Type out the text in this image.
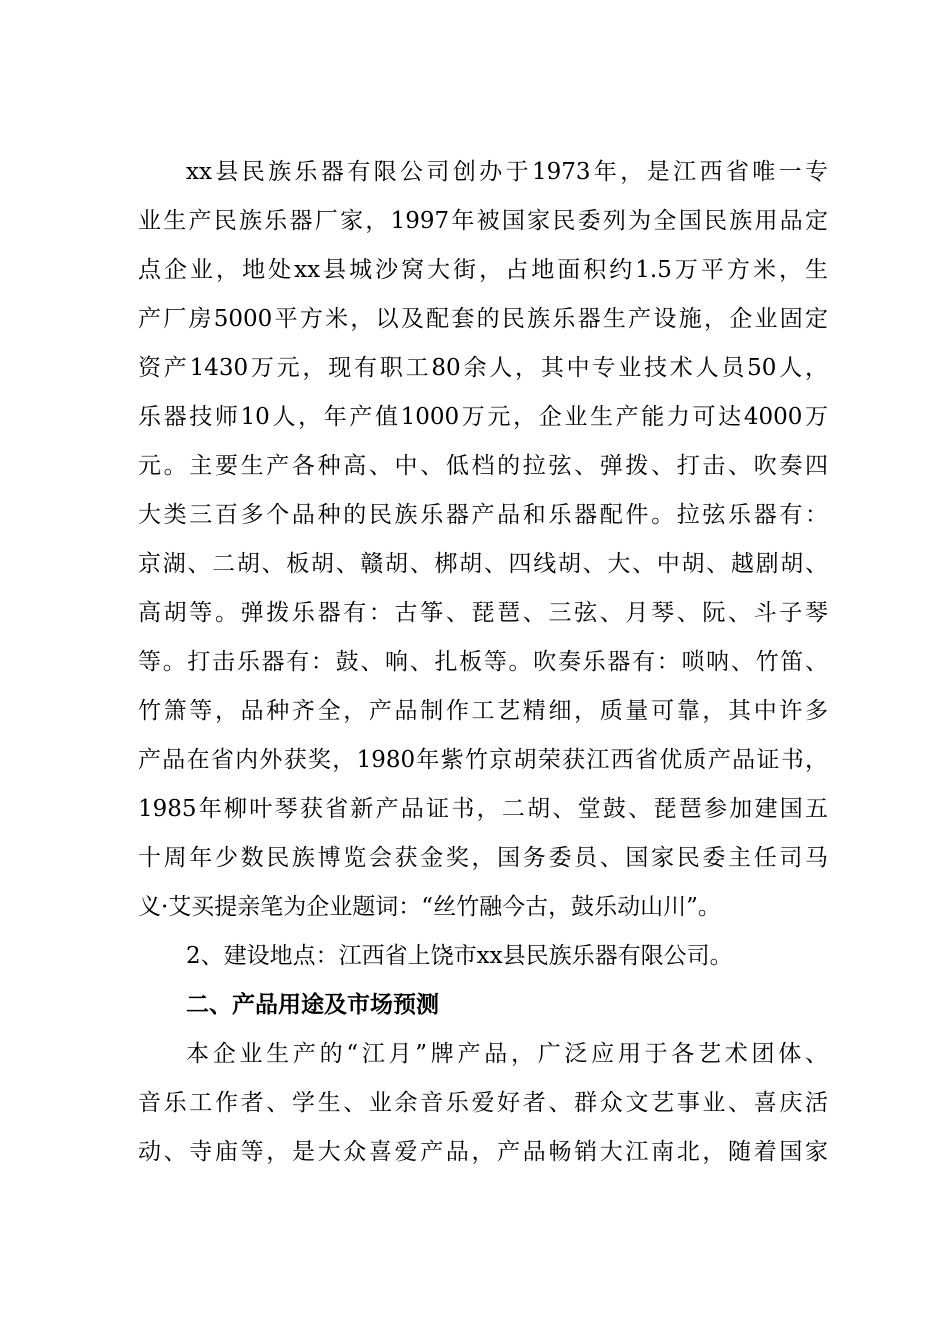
xx县民族乐器有限公司创办于1973年，是江西省唯一专
业生产民族乐器厂家，1997年被国家民委列为全国民族用品定
点企业，地处xx县城沙窝大街，占地面积约1.5万平方米，生
产厂房5000平方米，以及配套的民族乐器生产设施，企业固定
资产1430万元，现有职工80余人，其中专业技术人员50人，
乐器技师10人，年产值1000万元，企业生产能力可达4000万
元。主要生产各种高、中、低档的拉弦、弹拨、打击、吹奏四
大类三百多个品种的民族乐器产品和乐器配件。拉弦乐器有：
京湖、二胡、板胡、赣胡、梆胡、四线胡、大、中胡、越剧胡、
高胡等。弹拨乐器有：古筝、琵琶、三弦、月琴、阮、斗子琴
等。打击乐器有：鼓、响、扎板等。吹奏乐器有：唢呐、竹笛、
竹箫等，品种齐全，产品制作工艺精细，质量可靠，其中许多
产品在省内外获奖，1980年紫竹京胡荣获江西省优质产品证书，
1985年柳叶琴获省新产品证书，二胡、堂鼓、琵琶参加建国五
十周年少数民族博览会获金奖，国务委员、国家民委主任司马
义·艾买提亲笔为企业题词：“丝竹融今古，鼓乐动山川”。
2、建设地点：江西省上饶市xx县民族乐器有限公司。
二、产品用途及市场预测
本企业生产的“江月”牌产品，广泛应用于各艺术团体、
音乐工作者、学生、业余音乐爱好者、群众文艺事业、喜庆活
动、寺庙等，是大众喜爱产品，产品畅销大江南北，随着国家
